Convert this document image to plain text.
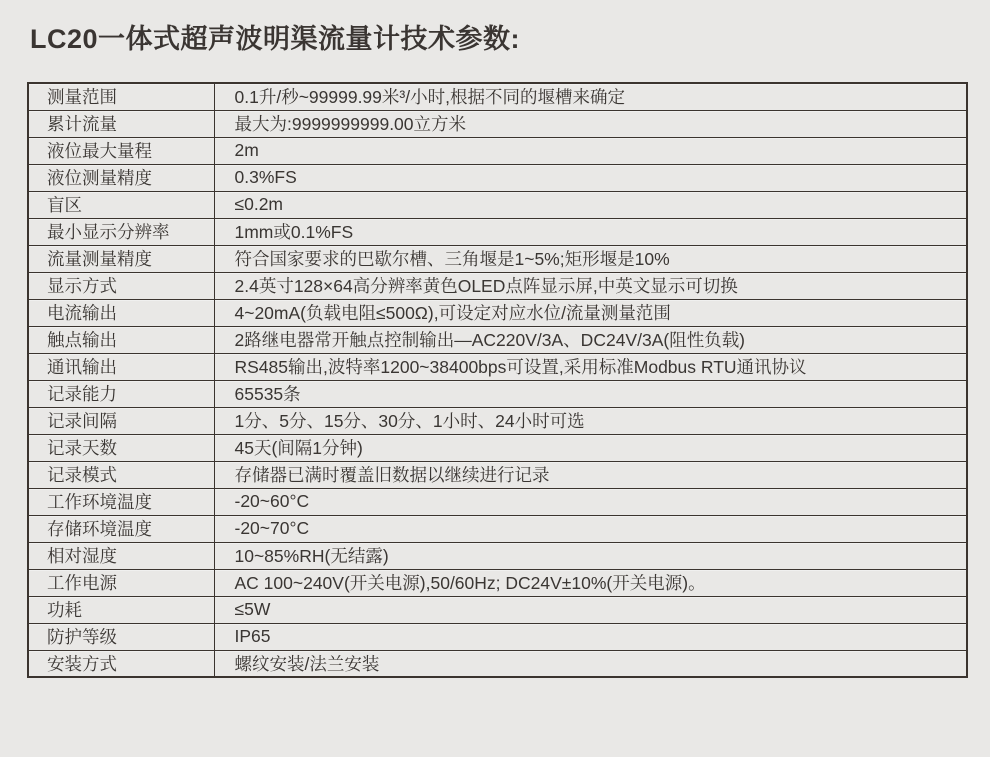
LC20一体式超声波明渠流量计技术参数:
测量范围	0.1升/秒~99999.99米³/小时,根据不同的堰槽来确定
累计流量	最大为:9999999999.00立方米
液位最大量程	2m
液位测量精度	0.3%FS
盲区	≤0.2m
最小显示分辨率	1mm或0.1%FS
流量测量精度	符合国家要求的巴歇尔槽、三角堰是1~5%;矩形堰是10%
显示方式	2.4英寸128×64高分辨率黄色OLED点阵显示屏,中英文显示可切换
电流输出	4~20mA(负载电阻≤500Ω),可设定对应水位/流量测量范围
触点输出	2路继电器常开触点控制输出—AC220V/3A、DC24V/3A(阻性负载)
通讯输出	RS485输出,波特率1200~38400bps可设置,采用标准Modbus RTU通讯协议
记录能力	65535条
记录间隔	1分、5分、15分、30分、1小时、24小时可选
记录天数	45天(间隔1分钟)
记录模式	存储器已满时覆盖旧数据以继续进行记录
工作环境温度	-20~60°C
存储环境温度	-20~70°C
相对湿度	10~85%RH(无结露)
工作电源	AC 100~240V(开关电源),50/60Hz; DC24V±10%(开关电源)。
功耗	≤5W
防护等级	IP65
安装方式	螺纹安装/法兰安装
